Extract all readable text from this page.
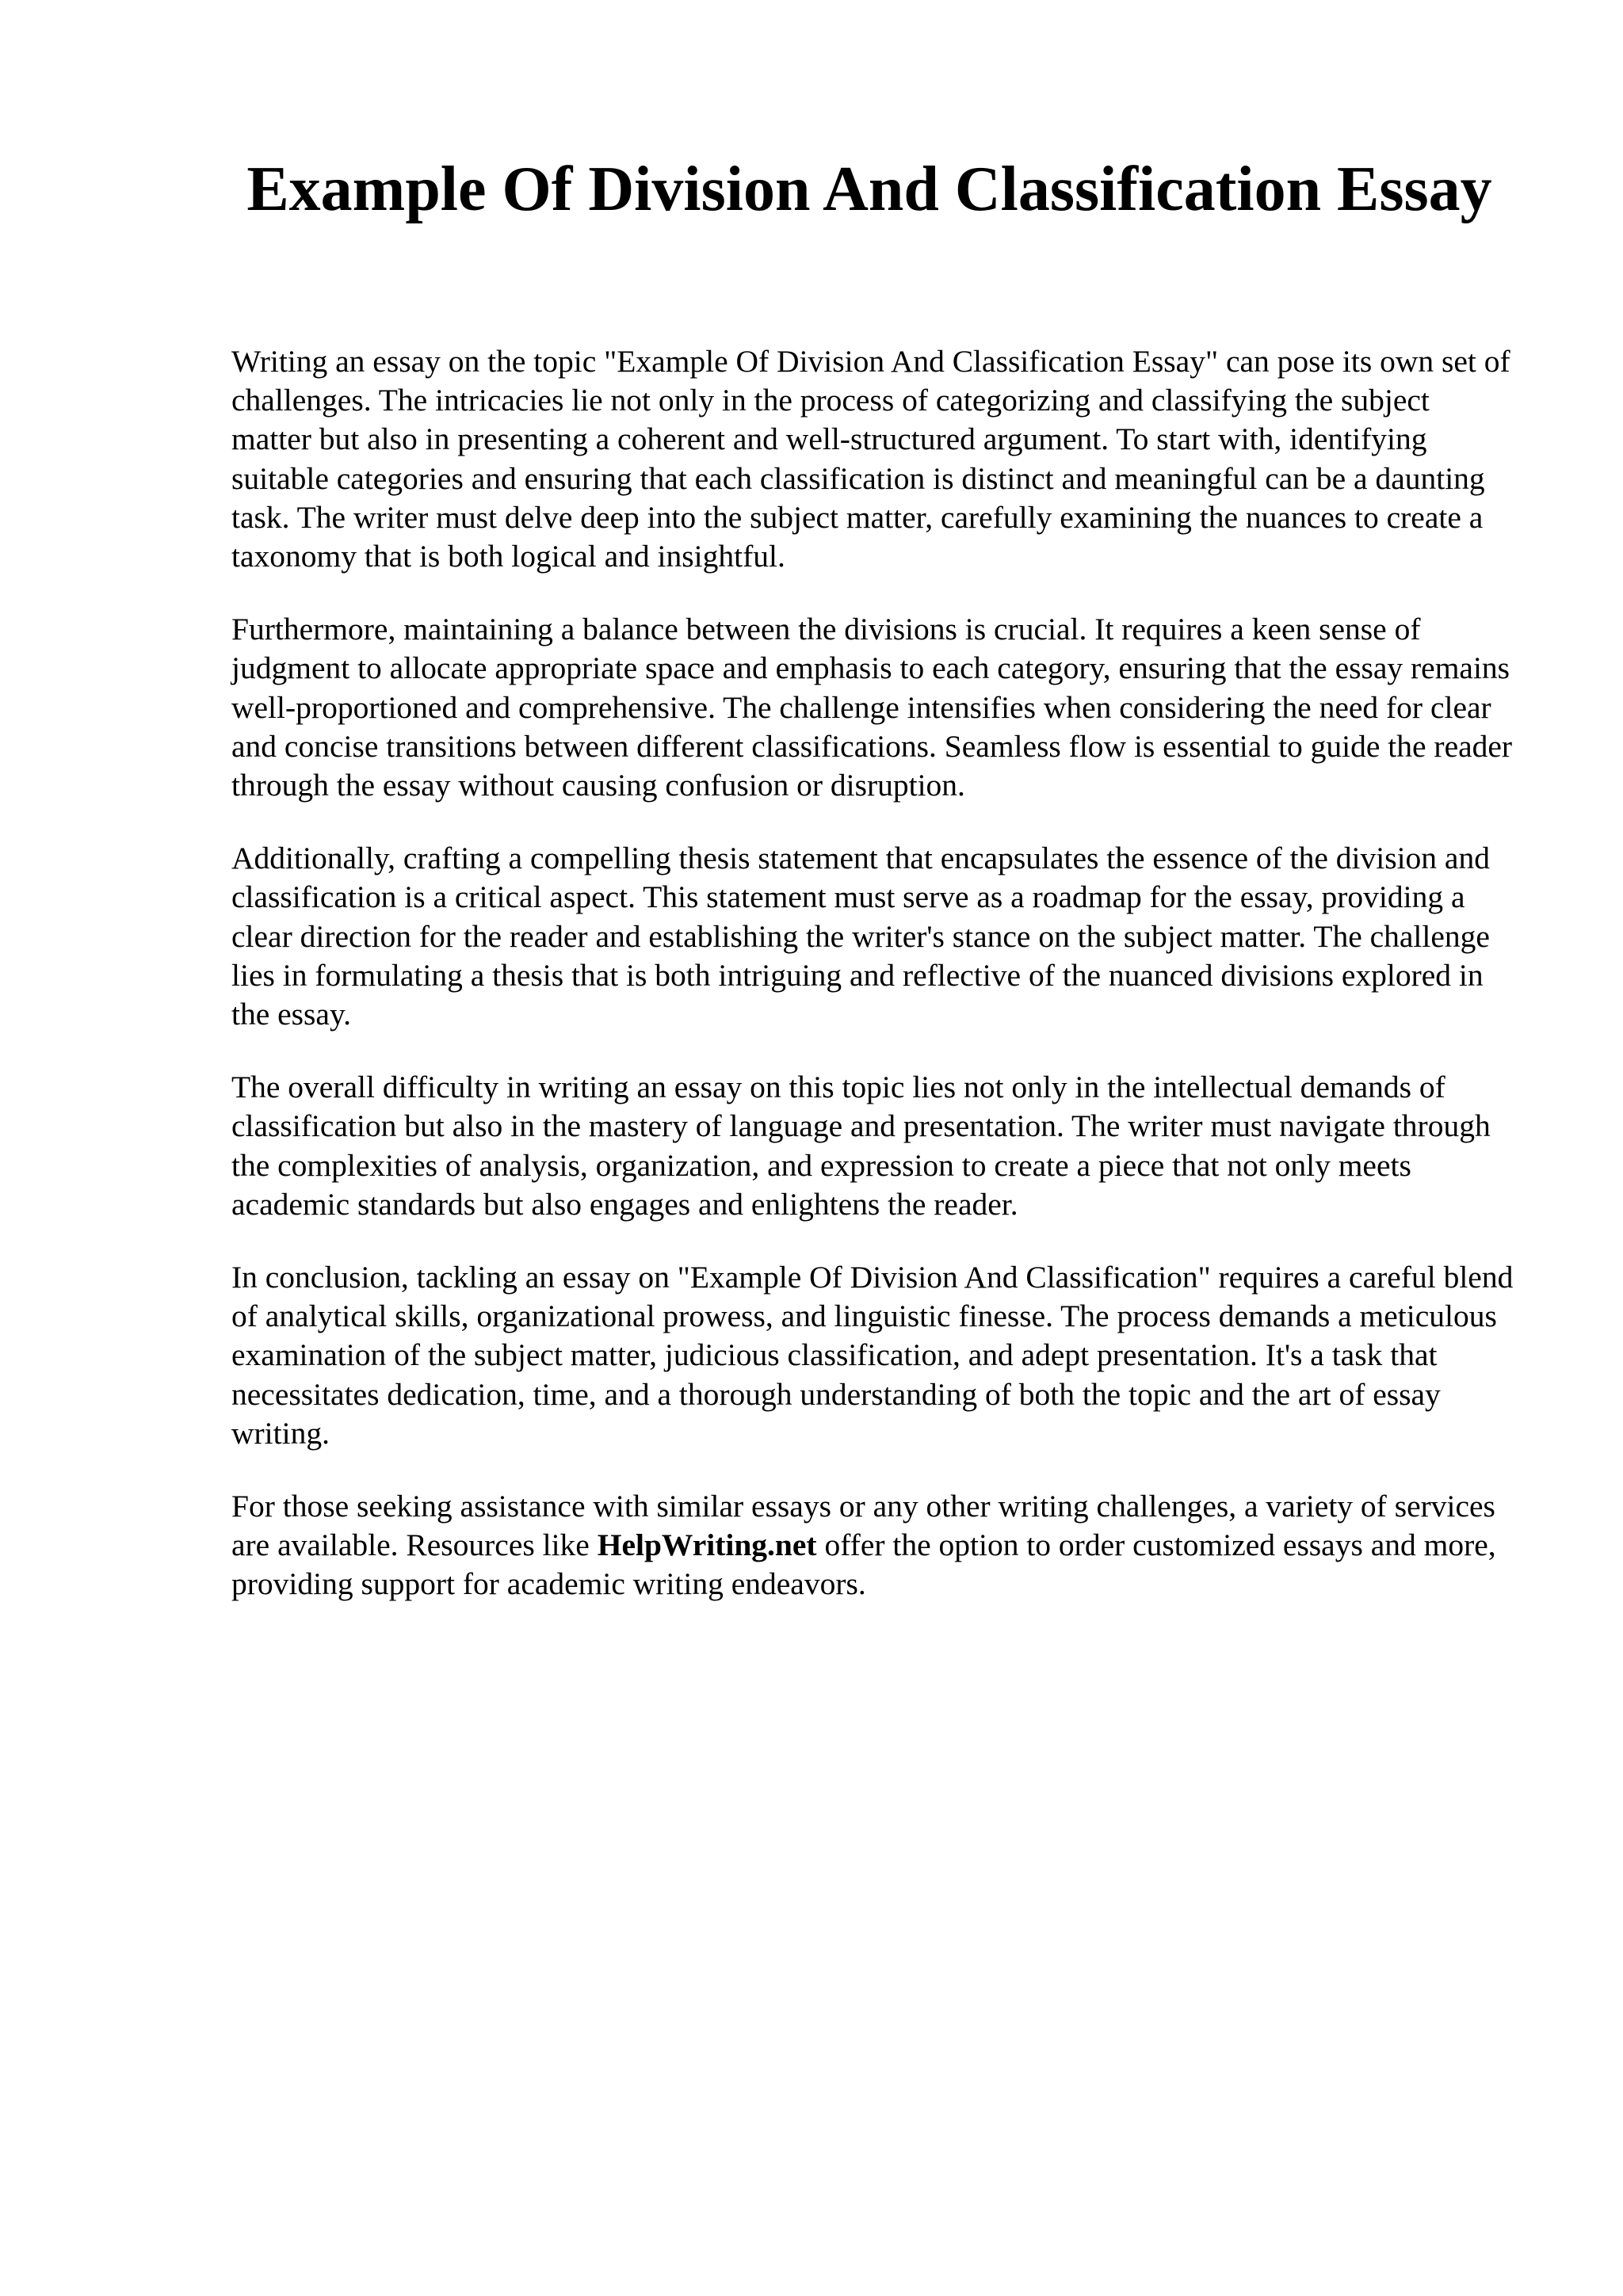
Example Of Division And Classification Essay

Writing an essay on the topic "Example Of Division And Classification Essay" can pose its own set of challenges. The intricacies lie not only in the process of categorizing and classifying the subject matter but also in presenting a coherent and well-structured argument. To start with, identifying suitable categories and ensuring that each classification is distinct and meaningful can be a daunting task. The writer must delve deep into the subject matter, carefully examining the nuances to create a taxonomy that is both logical and insightful.

Furthermore, maintaining a balance between the divisions is crucial. It requires a keen sense of judgment to allocate appropriate space and emphasis to each category, ensuring that the essay remains well-proportioned and comprehensive. The challenge intensifies when considering the need for clear and concise transitions between different classifications. Seamless flow is essential to guide the reader through the essay without causing confusion or disruption.

Additionally, crafting a compelling thesis statement that encapsulates the essence of the division and classification is a critical aspect. This statement must serve as a roadmap for the essay, providing a clear direction for the reader and establishing the writer's stance on the subject matter. The challenge lies in formulating a thesis that is both intriguing and reflective of the nuanced divisions explored in the essay.

The overall difficulty in writing an essay on this topic lies not only in the intellectual demands of classification but also in the mastery of language and presentation. The writer must navigate through the complexities of analysis, organization, and expression to create a piece that not only meets academic standards but also engages and enlightens the reader.

In conclusion, tackling an essay on "Example Of Division And Classification" requires a careful blend of analytical skills, organizational prowess, and linguistic finesse. The process demands a meticulous examination of the subject matter, judicious classification, and adept presentation. It's a task that necessitates dedication, time, and a thorough understanding of both the topic and the art of essay writing.

For those seeking assistance with similar essays or any other writing challenges, a variety of services are available. Resources like HelpWriting.net offer the option to order customized essays and more, providing support for academic writing endeavors.
